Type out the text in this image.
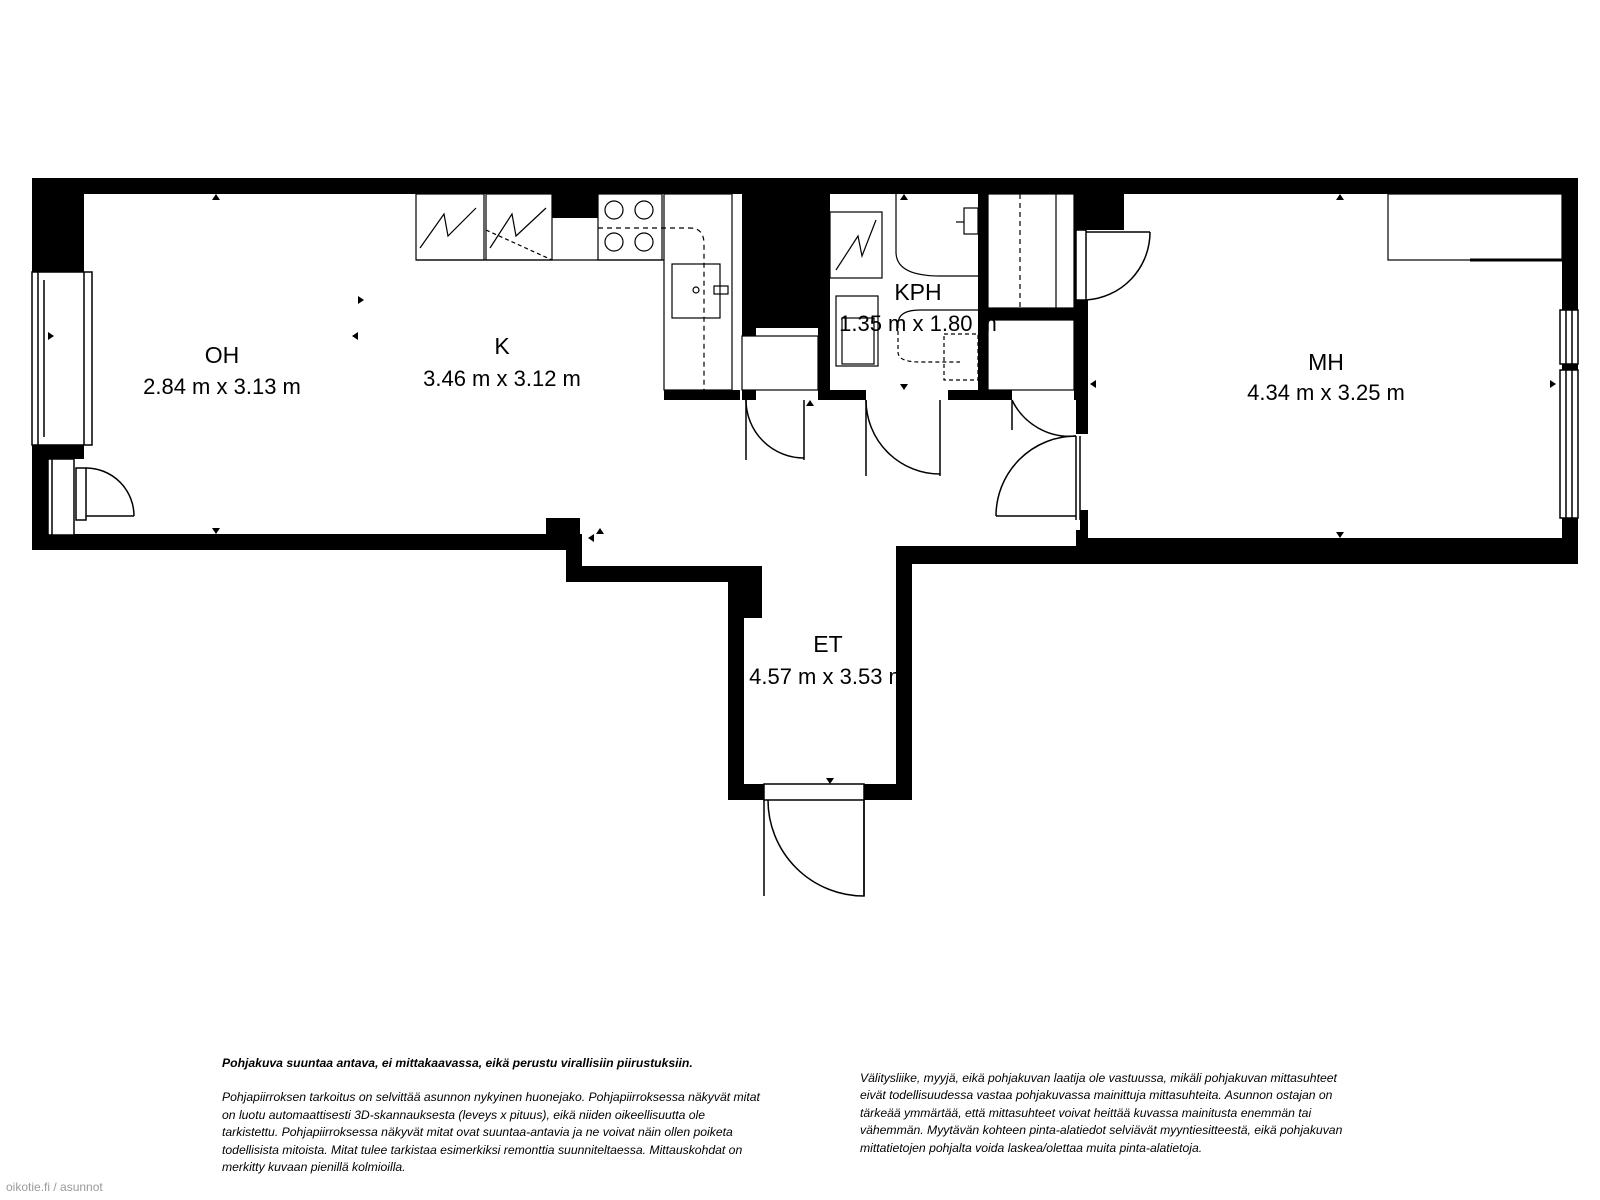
OH
2.84 m x 3.13 m
K
3.46 m x 3.12 m
KPH
1.35 m x 1.80 m
MH
4.34 m x 3.25 m
ET
4.57 m x 3.53 m

Pohjakuva suuntaa antava, ei mittakaavassa, eikä perustu virallisiin piirustuksiin.

Pohjapiirroksen tarkoitus on selvittää asunnon nykyinen huonejako. Pohjapiirroksessa näkyvät mitat on luotu automaattisesti 3D-skannauksesta (leveys x pituus), eikä niiden oikeellisuutta ole tarkistettu. Pohjapiirroksessa näkyvät mitat ovat suuntaa-antavia ja ne voivat näin ollen poiketa todellisista mitoista. Mitat tulee tarkistaa esimerkiksi remonttia suunniteltaessa. Mittauskohdat on merkitty kuvaan pienillä kolmioilla.

Välitysliike, myyjä, eikä pohjakuvan laatija ole vastuussa, mikäli pohjakuvan mittasuhteet eivät todellisuudessa vastaa pohjakuvassa mainittuja mittasuhteita. Asunnon ostajan on tärkeää ymmärtää, että mittasuhteet voivat heittää kuvassa mainitusta enemmän tai vähemmän. Myytävän kohteen pinta-alatiedot selviävät myyntiesitteestä, eikä pohjakuvan mittatietojen pohjalta voida laskea/olettaa muita pinta-alatietoja.

oikotie.fi / asunnot
